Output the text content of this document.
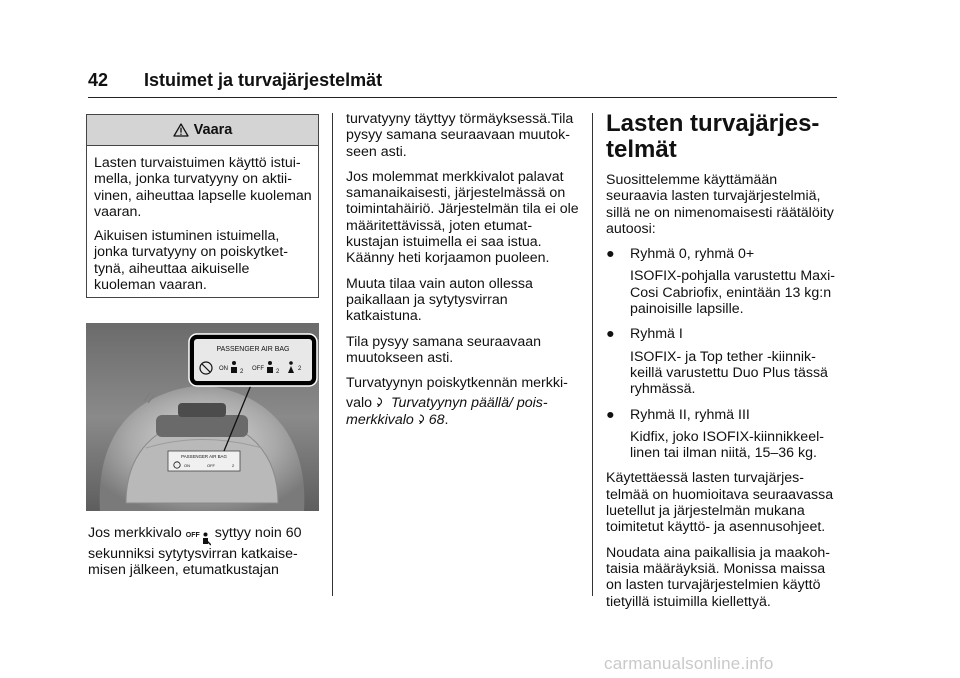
42 Istuimet ja turvajärjestelmät
Vaara

Lasten turvaistuimen käyttö istui- mella, jonka turvatyyny on aktii- vinen, aiheuttaa lapselle kuoleman vaaran.

Aikuisen istuminen istuimella, jonka turvatyyny on poiskytket- tynä, aiheuttaa aikuiselle kuoleman vaaran.

PASSENGER AIR BAG
ON	OFF	2
PASSENGER AIR BAG
ON 2 OFF 2	2

Jos merkkivalo OFF syttyy noin 60 sekunniksi sytytysvirran katkaise- misen jälkeen, etumatkustajan

turvatyyny täyttyy törmäyksessä.Tila pysyy samana seuraavaan muutok- seen asti.

Jos molemmat merkkivalot palavat samanaikaisesti, järjestelmässä on toimintahäiriö. Järjestelmän tila ei ole määritettävissä, joten etumat- kustajan istuimella ei saa istua. Käänny heti korjaamon puoleen.

Muuta tilaa vain auton ollessa paikallaan ja sytytysvirran katkaistuna.

Tila pysyy samana seuraavaan muutokseen asti.

Turvatyynyn poiskytkennän merkki-

valo Turvatyynyn päällä/ pois-merkkivalo 68.

Lasten turvajärjes- telmät

Suosittelemme käyttämään seuraavia lasten turvajärjestelmiä, sillä ne on nimenomaisesti räätälöity autoosi:

● Ryhmä 0, ryhmä 0+

ISOFIX-pohjalla varustettu Maxi-Cosi Cabriofix, enintään 13 kg:n painoisille lapsille.

● Ryhmä I

ISOFIX- ja Top tether -kiinnik- keillä varustettu Duo Plus tässä ryhmässä.

● Ryhmä II, ryhmä III

Kidfix, joko ISOFIX-kiinnikkeel- linen tai ilman niitä, 15–36 kg.

Käytettäessä lasten turvajärjes- telmää on huomioitava seuraavassa luetellut ja järjestelmän mukana toimitetut käyttö- ja asennusohjeet.

Noudata aina paikallisia ja maakoh- taisia määräyksiä. Monissa maissa on lasten turvajärjestelmien käyttö tietyillä istuimilla kiellettyä.

carmanualsonline.info
